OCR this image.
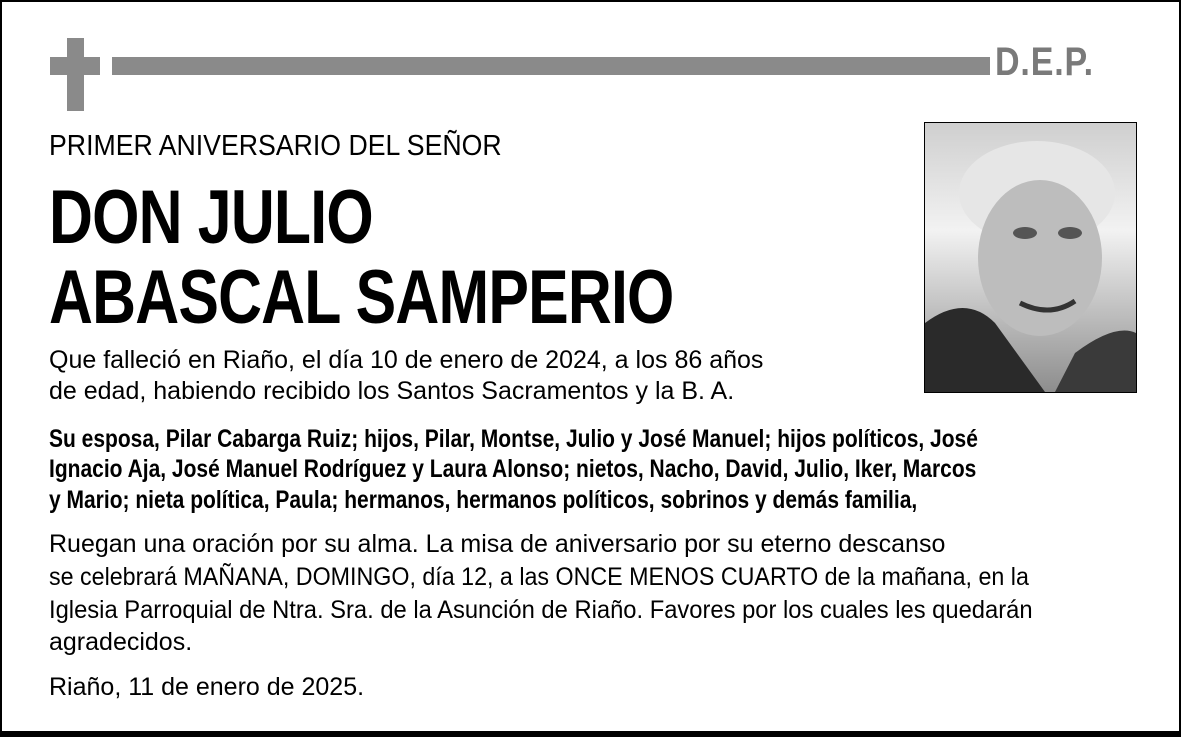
D.E.P.
PRIMER ANIVERSARIO DEL SEÑOR
DON JULIO
ABASCAL SAMPERIO
Que falleció en Riaño, el día 10 de enero de 2024, a los 86 años
de edad, habiendo recibido los Santos Sacramentos y la B. A.
Su esposa, Pilar Cabarga Ruiz; hijos, Pilar, Montse, Julio y José Manuel; hijos políticos, José
Ignacio Aja, José Manuel Rodríguez y Laura Alonso; nietos, Nacho, David, Julio, Iker, Marcos
y Mario; nieta política, Paula; hermanos, hermanos políticos, sobrinos y demás familia,
Ruegan una oración por su alma. La misa de aniversario por su eterno descanso
se celebrará MAÑANA, DOMINGO, día 12, a las ONCE MENOS CUARTO de la mañana, en la
Iglesia Parroquial de Ntra. Sra. de la Asunción de Riaño. Favores por los cuales les quedarán
agradecidos.
Riaño, 11 de enero de 2025.
